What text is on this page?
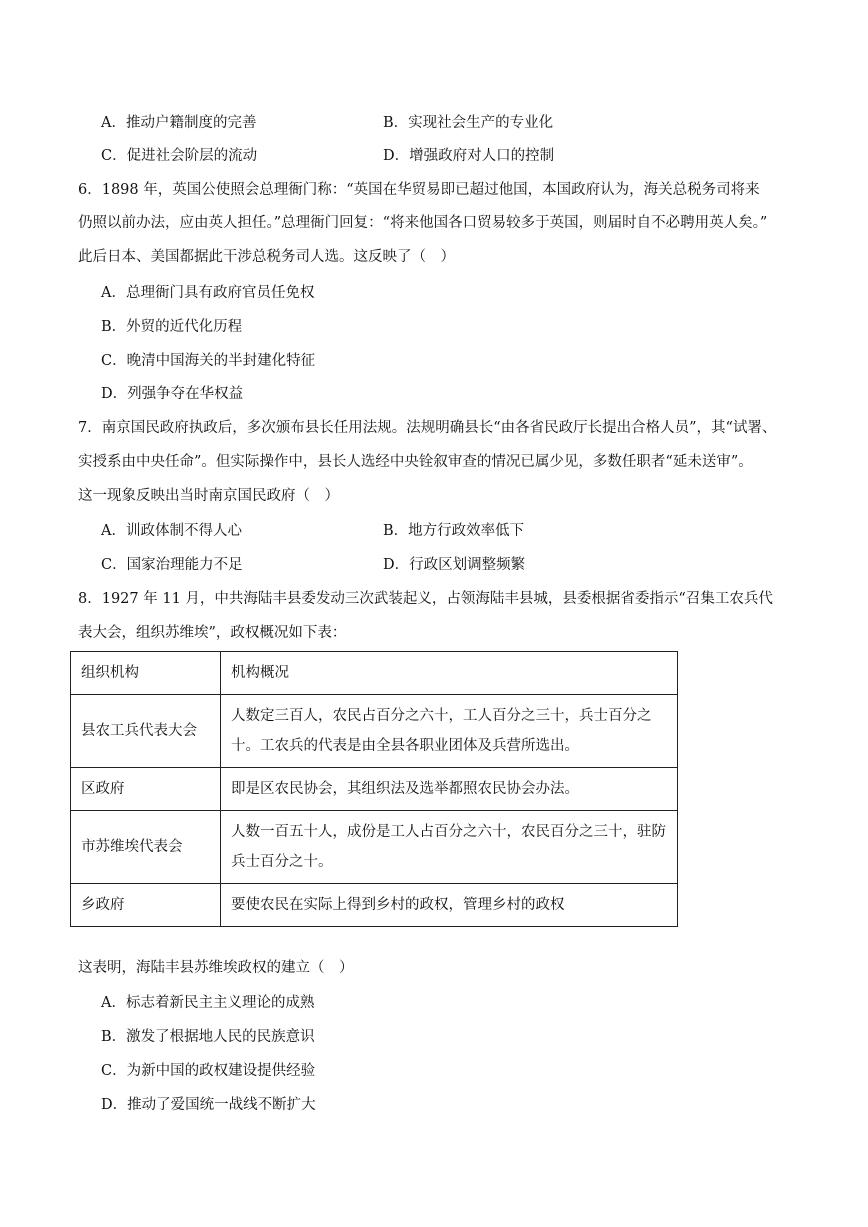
A．推动户籍制度的完善	B．实现社会生产的专业化
C．促进社会阶层的流动	D．增强政府对人口的控制
6．1898 年，英国公使照会总理衙门称：“英国在华贸易即已超过他国，本国政府认为，海关总税务司将来
仍照以前办法，应由英人担任。”总理衙门回复：“将来他国各口贸易较多于英国，则届时自不必聘用英人矣。”
此后日本、美国都据此干涉总税务司人选。这反映了（　）
A．总理衙门具有政府官员任免权
B．外贸的近代化历程
C．晚清中国海关的半封建化特征
D．列强争夺在华权益
7．南京国民政府执政后，多次颁布县长任用法规。法规明确县长“由各省民政厅长提出合格人员”，其“试署、
实授系由中央任命”。但实际操作中，县长人选经中央铨叙审查的情况已属少见，多数任职者“延未送审”。
这一现象反映出当时南京国民政府（　）
A．训政体制不得人心	B．地方行政效率低下
C．国家治理能力不足	D．行政区划调整频繁
8．1927 年 11 月，中共海陆丰县委发动三次武装起义，占领海陆丰县城，县委根据省委指示“召集工农兵代
表大会，组织苏维埃”，政权概况如下表：
组织机构	机构概况
县农工兵代表大会	人数定三百人，农民占百分之六十，工人百分之三十，兵士百分之十。工农兵的代表是由全县各职业团体及兵营所选出。
区政府	即是区农民协会，其组织法及选举都照农民协会办法。
市苏维埃代表会	人数一百五十人，成份是工人占百分之六十，农民百分之三十，驻防兵士百分之十。
乡政府	要使农民在实际上得到乡村的政权，管理乡村的政权
这表明，海陆丰县苏维埃政权的建立（　）
A．标志着新民主主义理论的成熟
B．激发了根据地人民的民族意识
C．为新中国的政权建设提供经验
D．推动了爱国统一战线不断扩大
